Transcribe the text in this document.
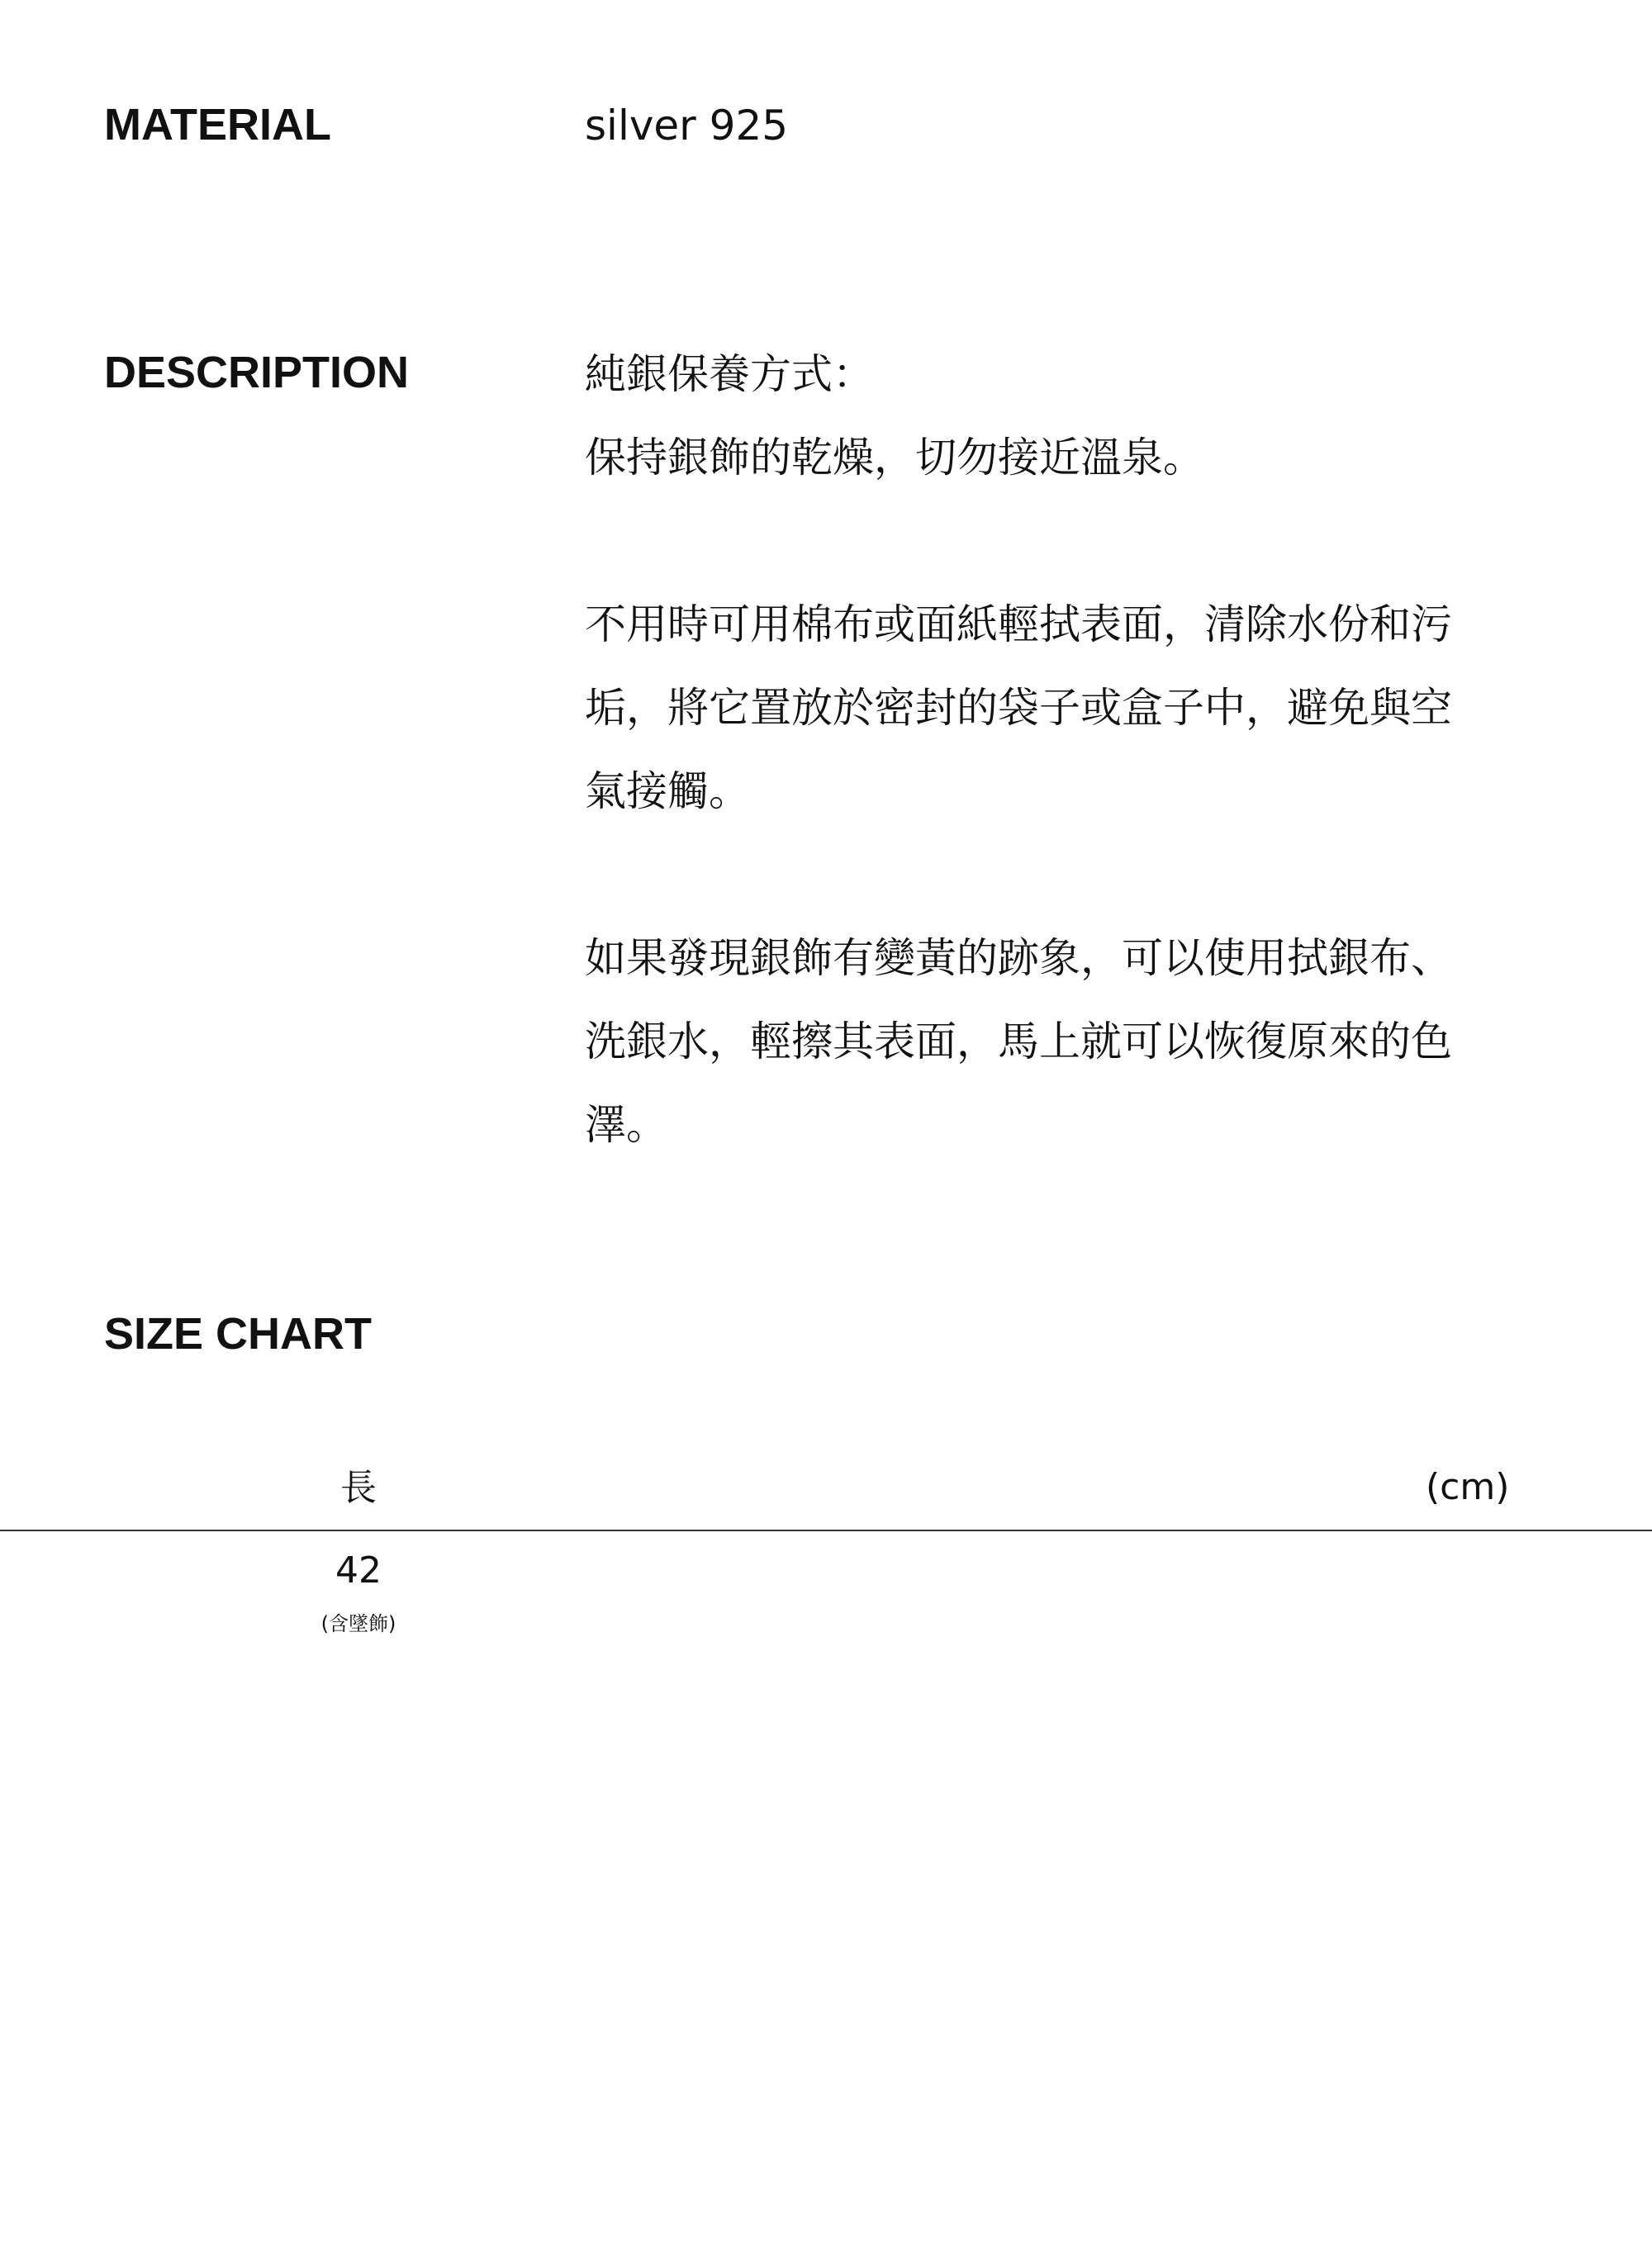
MATERIAL	silver 925
DESCRIPTION	純銀保養方式：
保持銀飾的乾燥，切勿接近溫泉。

不用時可用棉布或面紙輕拭表面，清除水份和污
垢，將它置放於密封的袋子或盒子中，避免與空
氣接觸。

如果發現銀飾有變黃的跡象，可以使用拭銀布、
洗銀水，輕擦其表面，馬上就可以恢復原來的色
澤。

SIZE CHART
長	(cm)
42
(含墜飾)
